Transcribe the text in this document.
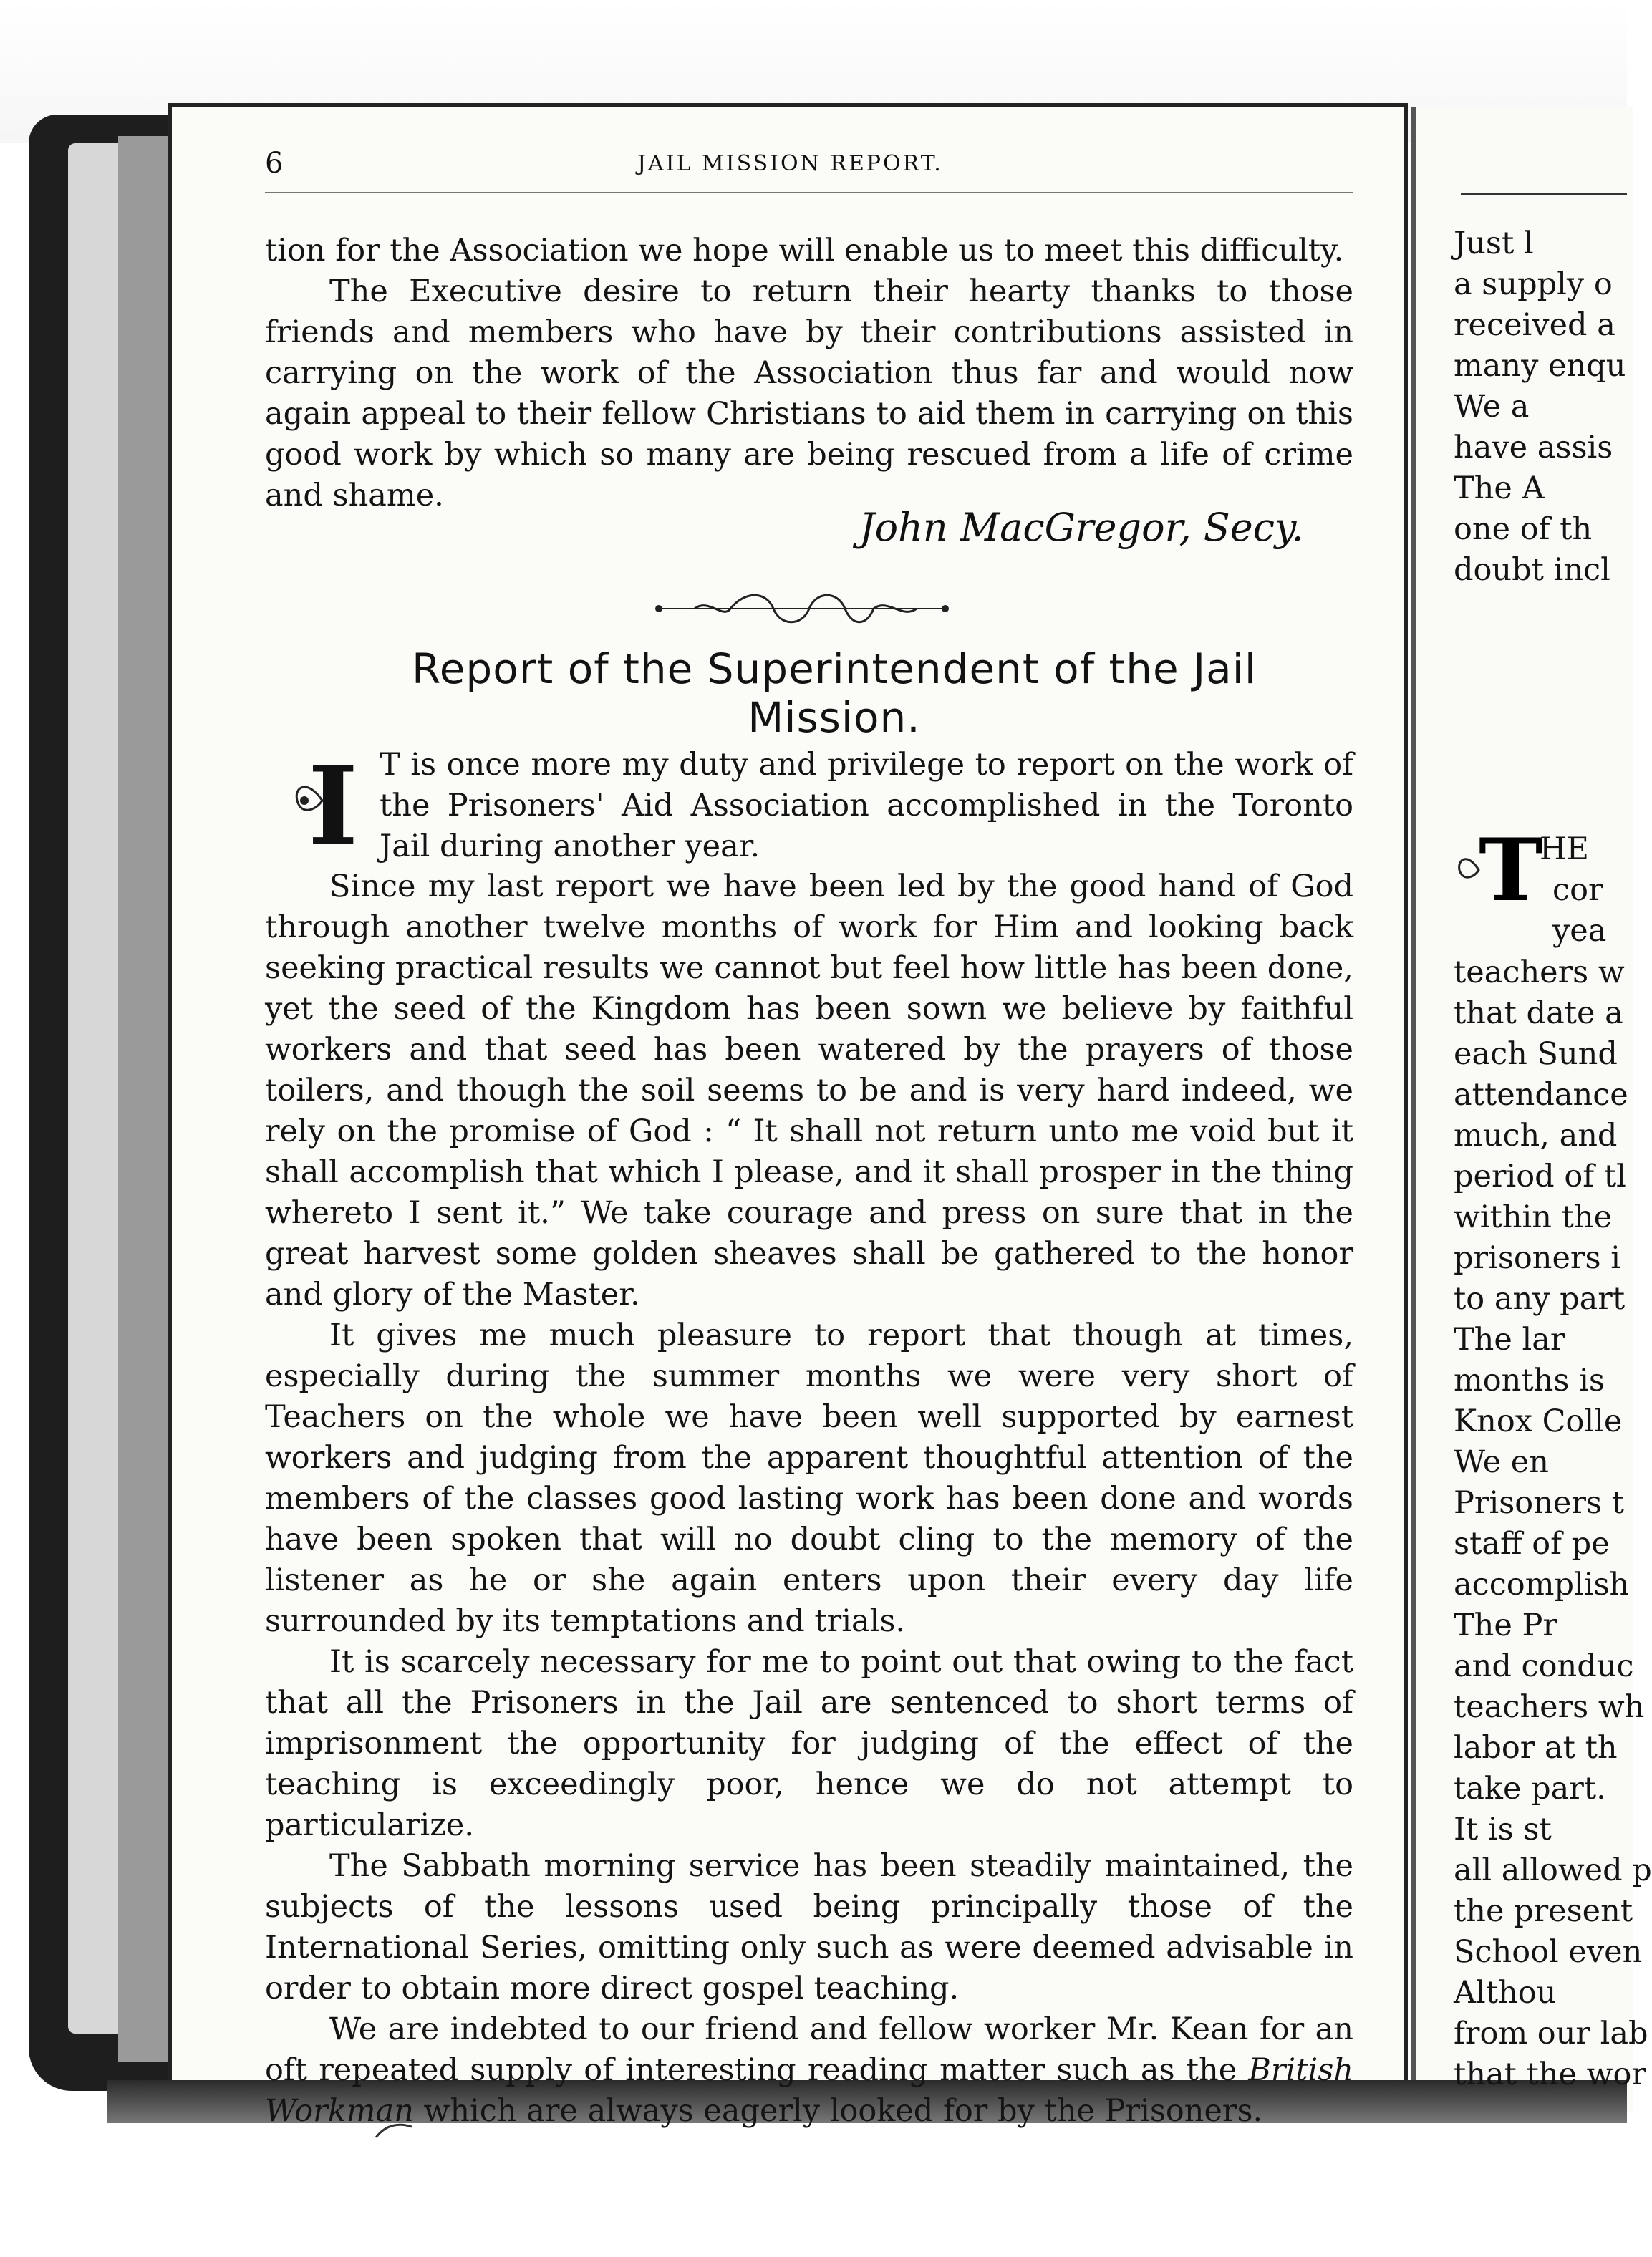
6	JAIL MISSION REPORT.

tion for the Association we hope will enable us to meet this difficulty.

The Executive desire to return their hearty thanks to those friends and members who have by their contributions assisted in carrying on the work of the Association thus far and would now again appeal to their fellow Christians to aid them in carrying on this good work by which so many are being rescued from a life of crime and shame.

John MacGregor, Secy.
Report of the Superintendent of the Jail Mission.
I T is once more my duty and privilege to report on the work of the Prisoners' Aid Association accomplished in the Toronto Jail during another year.

Since my last report we have been led by the good hand of God through another twelve months of work for Him and looking back seeking practical results we cannot but feel how little has been done, yet the seed of the Kingdom has been sown we believe by faithful workers and that seed has been watered by the prayers of those toilers, and though the soil seems to be and is very hard indeed, we rely on the promise of God : “ It shall not return unto me void but it shall accomplish that which I please, and it shall prosper in the thing whereto I sent it.” We take courage and press on sure that in the great harvest some golden sheaves shall be gathered to the honor and glory of the Master.

It gives me much pleasure to report that though at times, especially during the summer months we were very short of Teachers on the whole we have been well supported by earnest workers and judging from the apparent thoughtful attention of the members of the classes good lasting work has been done and words have been spoken that will no doubt cling to the memory of the listener as he or she again enters upon their every day life surrounded by its temptations and trials.

It is scarcely necessary for me to point out that owing to the fact that all the Prisoners in the Jail are sentenced to short terms of imprisonment the opportunity for judging of the effect of the teaching is exceedingly poor, hence we do not attempt to particularize.

The Sabbath morning service has been steadily maintained, the subjects of the lessons used being principally those of the International Series, omitting only such as were deemed advisable in order to obtain more direct gospel teaching.

We are indebted to our friend and fellow worker Mr. Kean for an oft repeated supply of interesting reading matter such as the British Workman which are always eagerly looked for by the Prisoners.

Just l
a supply o
received a
many enqu
We a
have assis
The A
one of th
doubt incl
T
HE
cor
yea
teachers w
that date a
each Sund
attendance
much, and
period of tl
within the
prisoners i
to any part
The lar
months is
Knox Colle
We en
Prisoners t
staff of pe
accomplish
The Pr
and conduc
teachers wh
labor at th
take part.
It is st
all allowed p
the present
School even
Althou
from our lab
that the wor
